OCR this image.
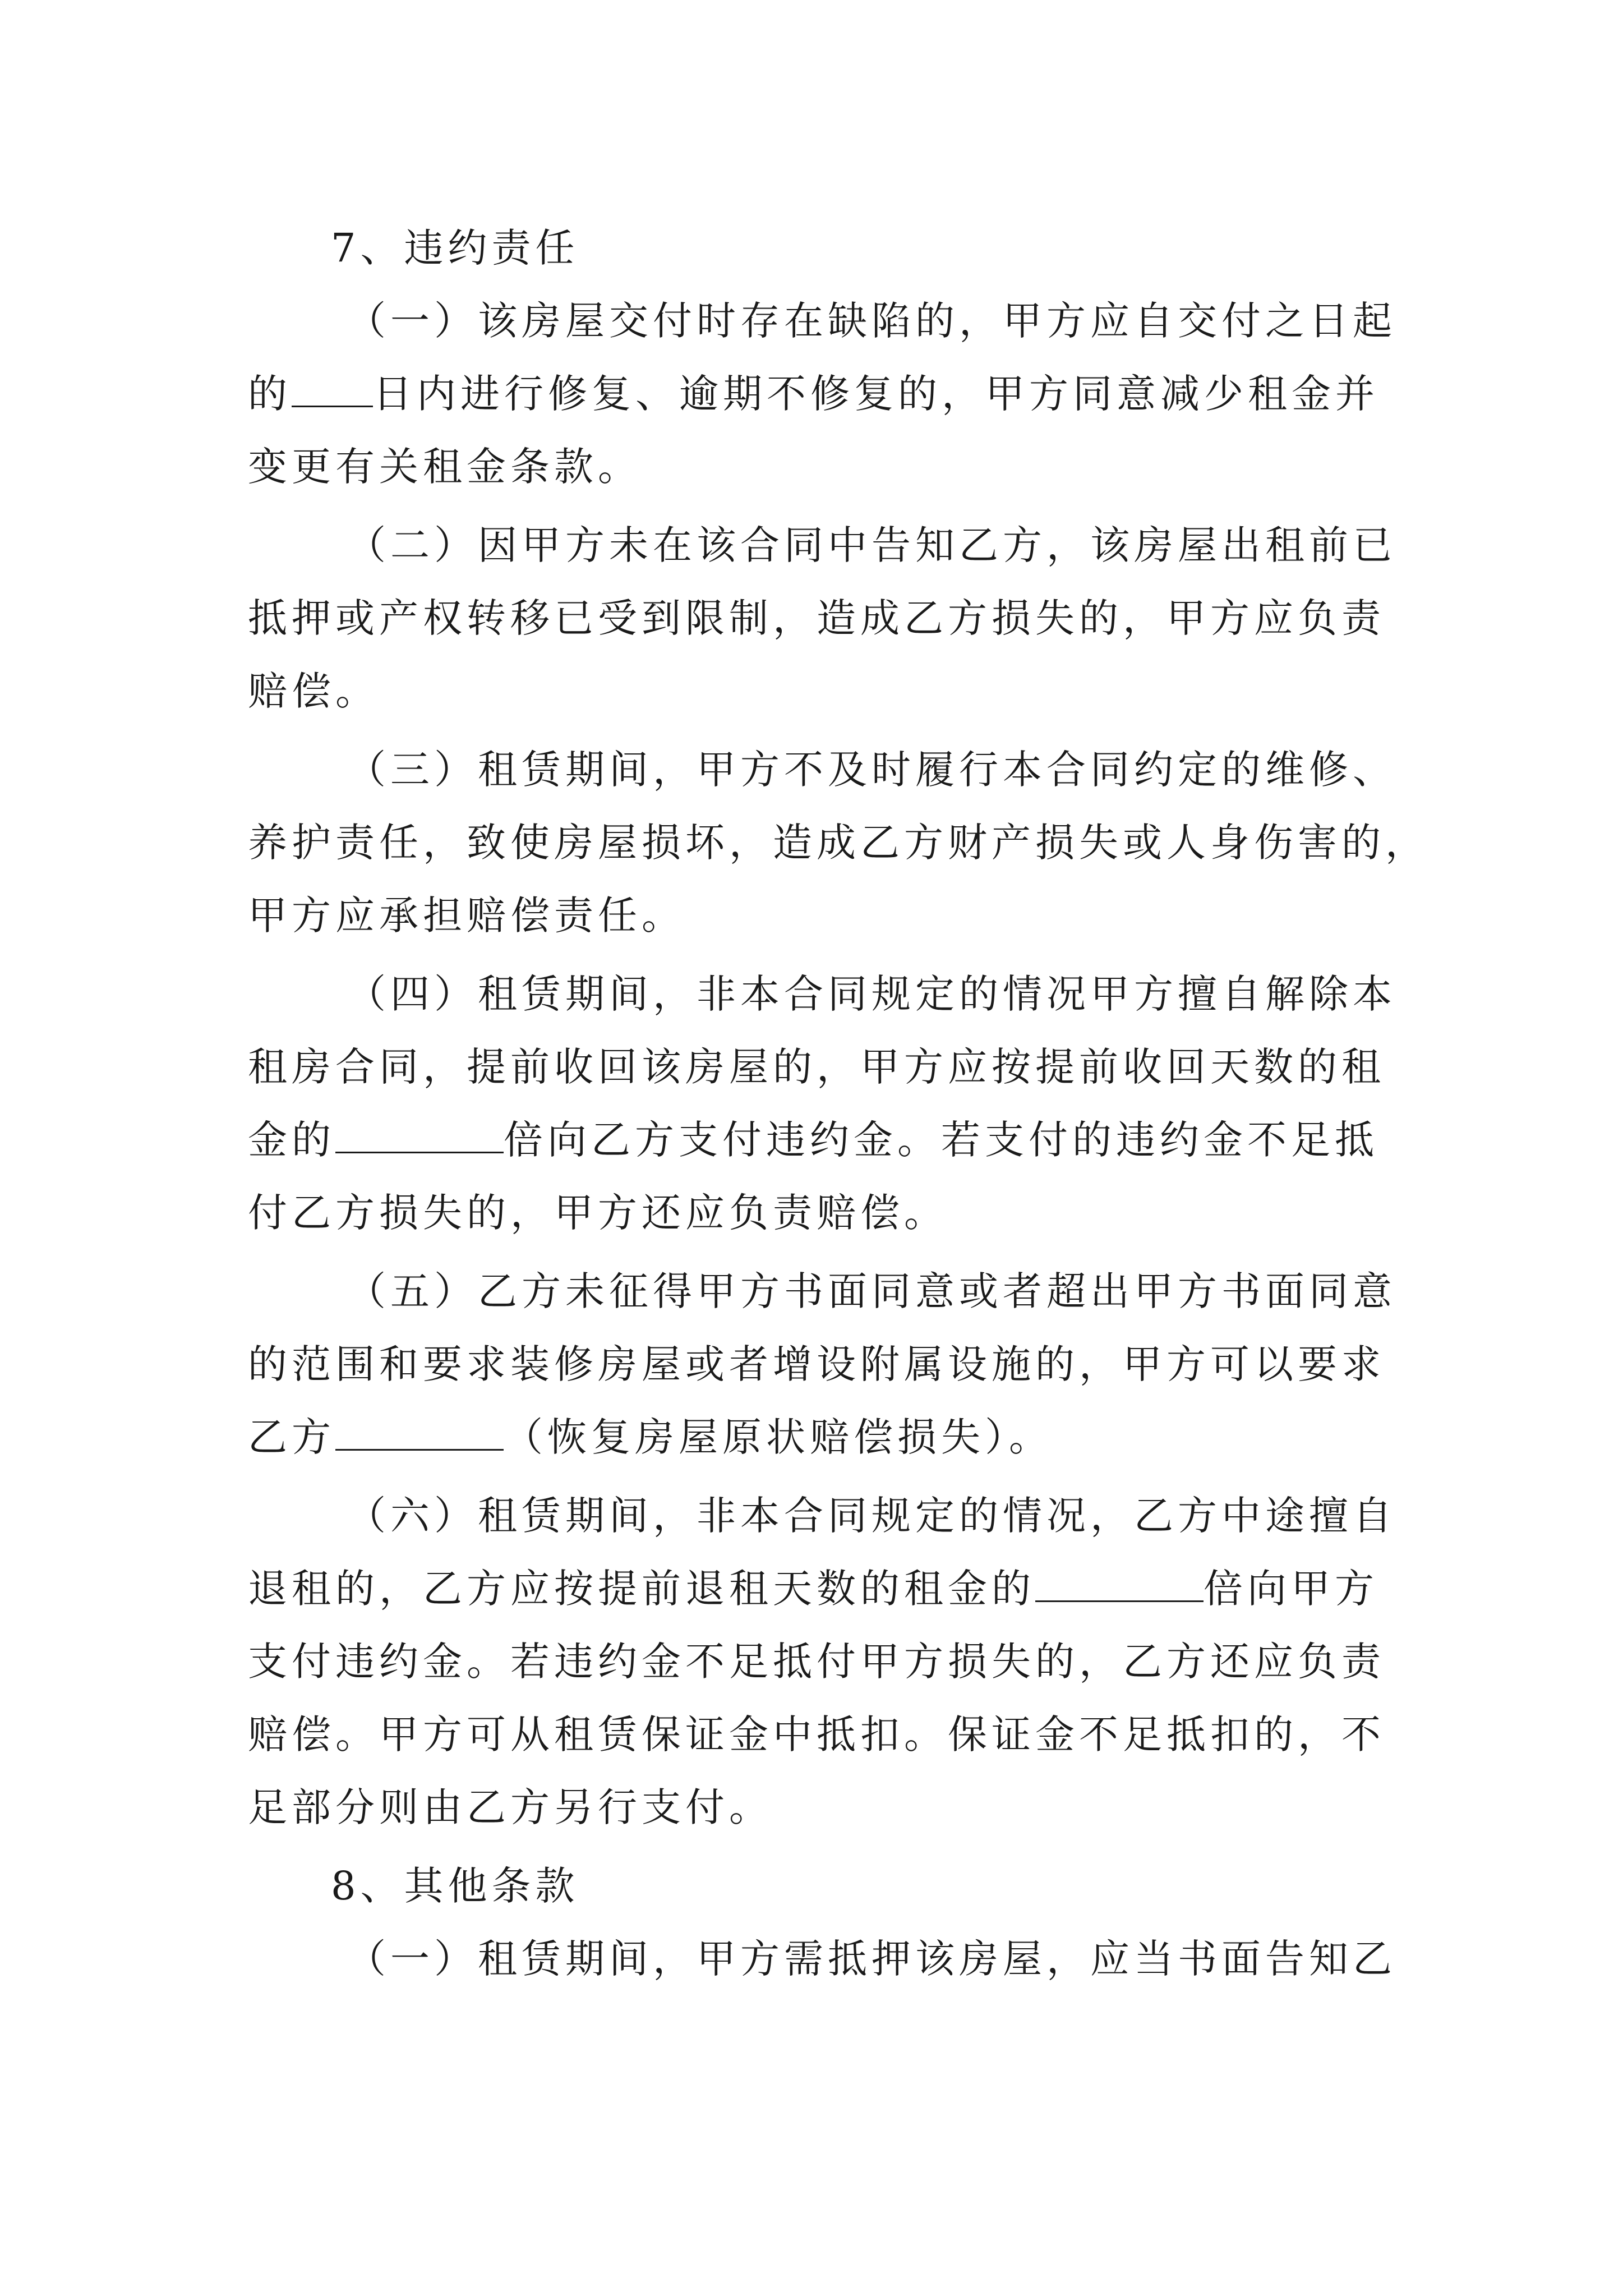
7、违约责任
（一）该房屋交付时存在缺陷的，甲方应自交付之日起
的 日内进行修复、逾期不修复的，甲方同意减少租金并
变更有关租金条款。
（二）因甲方未在该合同中告知乙方，该房屋出租前已
抵押或产权转移已受到限制，造成乙方损失的，甲方应负责
赔偿。
（三）租赁期间，甲方不及时履行本合同约定的维修、
养护责任，致使房屋损坏，造成乙方财产损失或人身伤害的，
甲方应承担赔偿责任。
（四）租赁期间，非本合同规定的情况甲方擅自解除本
租房合同，提前收回该房屋的，甲方应按提前收回天数的租
金的	倍向乙方支付违约金。若支付的违约金不足抵
付乙方损失的，甲方还应负责赔偿。
（五）乙方未征得甲方书面同意或者超出甲方书面同意
的范围和要求装修房屋或者增设附属设施的，甲方可以要求
乙方	（恢复房屋原状赔偿损失）。
（六）租赁期间，非本合同规定的情况，乙方中途擅自
退租的，乙方应按提前退租天数的租金的	倍向甲方
支付违约金。若违约金不足抵付甲方损失的，乙方还应负责
赔偿。甲方可从租赁保证金中抵扣。保证金不足抵扣的，不
足部分则由乙方另行支付。
8、其他条款
（一）租赁期间，甲方需抵押该房屋，应当书面告知乙
